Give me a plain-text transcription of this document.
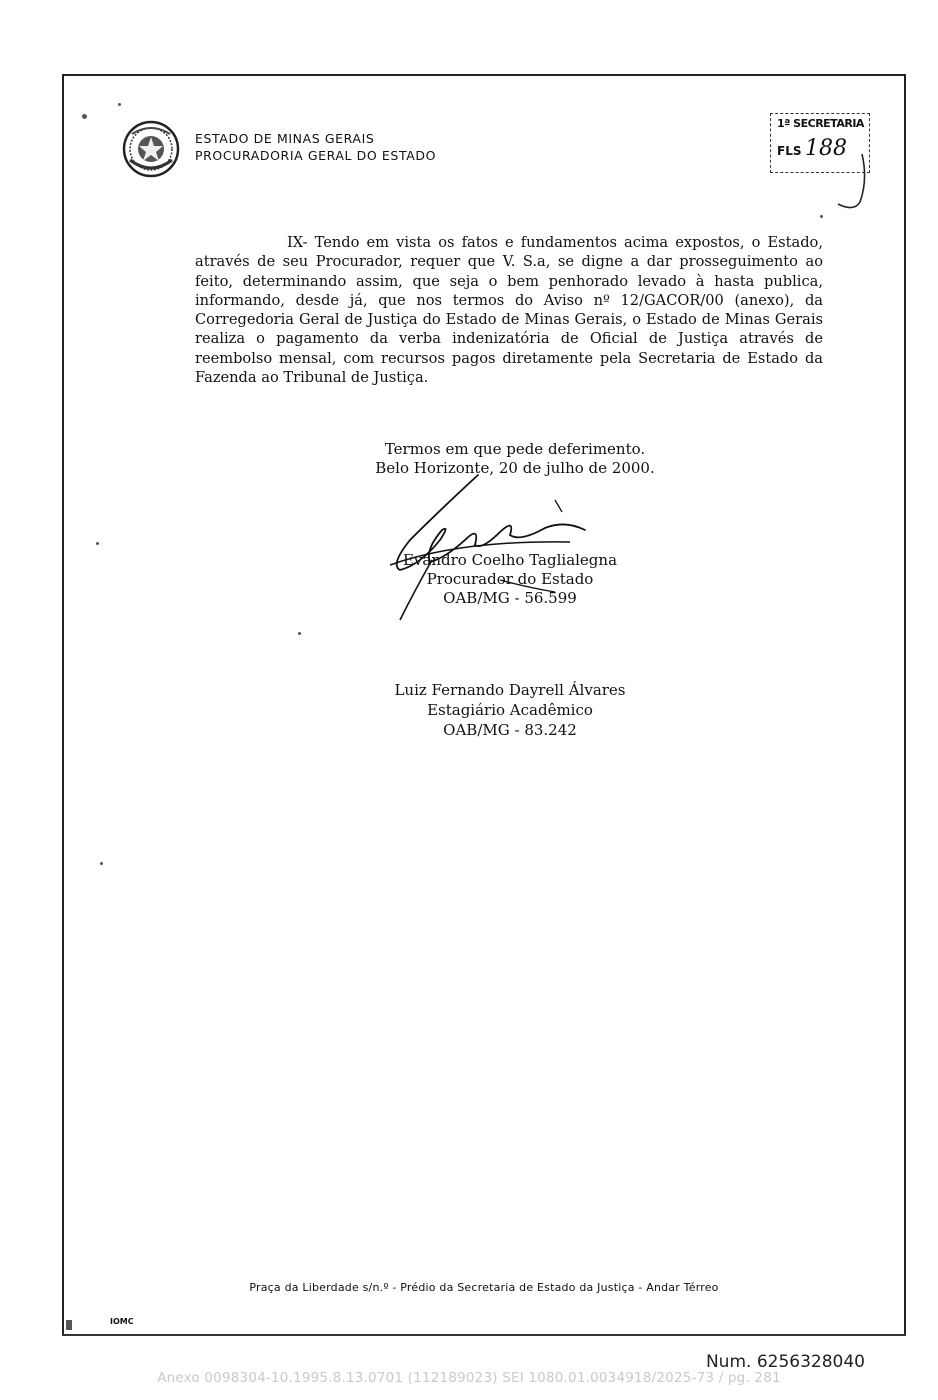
ESTADO DE MINAS GERAIS
PROCURADORIA GERAL DO ESTADO
1ª SECRETARIA
FLS 188
IX- Tendo em vista os fatos e fundamentos acima expostos, o Estado, através de seu Procurador, requer que V. S.a, se digne a dar prosseguimento ao feito, determinando assim, que seja o bem penhorado levado à hasta publica, informando, desde já, que nos termos do Aviso nº 12/GACOR/00 (anexo), da Corregedoria Geral de Justiça do Estado de Minas Gerais, o Estado de Minas Gerais realiza o pagamento da verba indenizatória de Oficial de Justiça através de reembolso mensal, com recursos pagos diretamente pela Secretaria de Estado da Fazenda ao Tribunal de Justiça.
Termos em que pede deferimento.
Belo Horizonte, 20 de julho de 2000.
Evandro Coelho Taglialegna
Procurador do Estado
OAB/MG - 56.599
Luiz Fernando Dayrell Álvares
Estagiário Acadêmico
OAB/MG - 83.242
Praça da Liberdade s/n.º - Prédio da Secretaria de Estado da Justiça - Andar Térreo
IOMC
Num. 6256328040
Anexo 0098304-10.1995.8.13.0701 (112189023) SEI 1080.01.0034918/2025-73 / pg. 281
